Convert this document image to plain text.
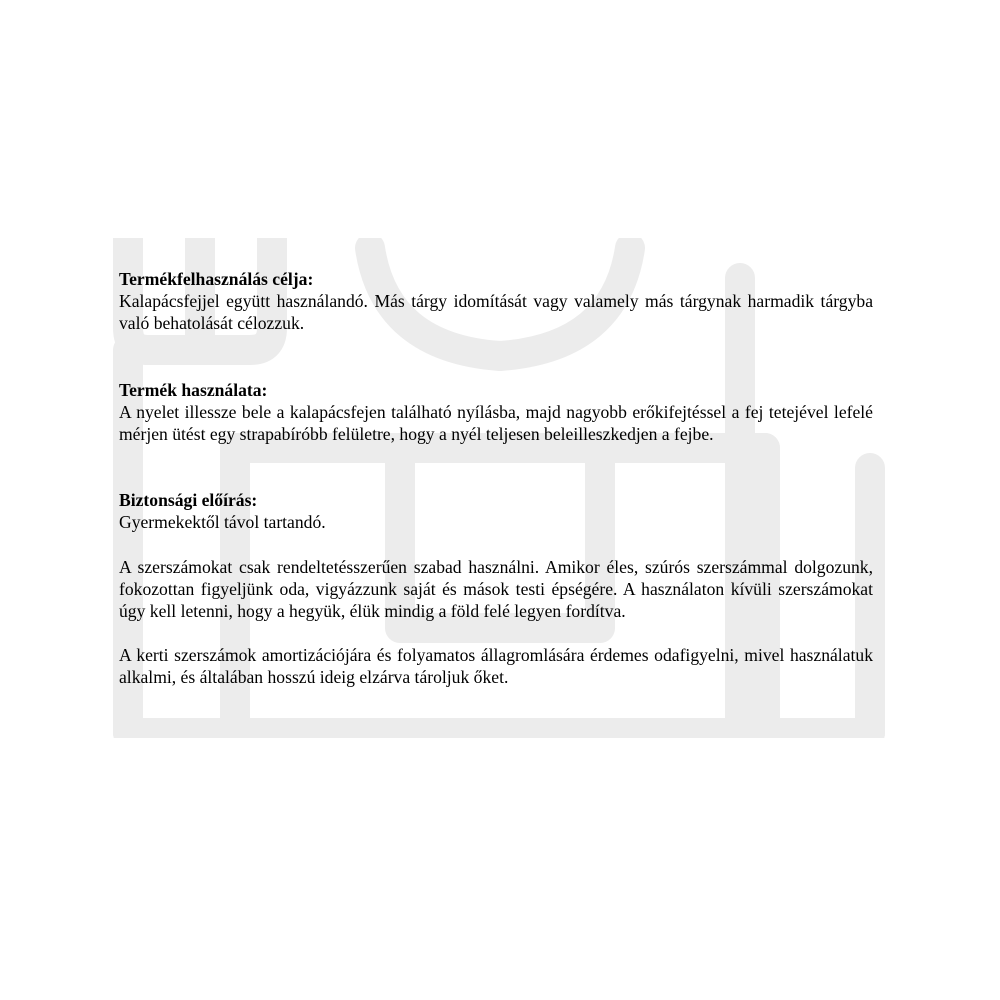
Termékfelhasználás célja:

Kalapácsfejjel együtt használandó. Más tárgy idomítását vagy valamely más tárgynak harmadik tárgyba való behatolását célozzuk.

Termék használata:

A nyelet illessze bele a kalapácsfejen található nyílásba, majd nagyobb erőkifejtéssel a fej tetejével lefelé mérjen ütést egy strapabíróbb felületre, hogy a nyél teljesen beleilleszkedjen a fejbe.

Biztonsági előírás:

Gyermekektől távol tartandó.

A szerszámokat csak rendeltetésszerűen szabad használni. Amikor éles, szúrós szerszámmal dolgozunk, fokozottan figyeljünk oda, vigyázzunk saját és mások testi épségére. A használaton kívüli szerszámokat úgy kell letenni, hogy a hegyük, élük mindig a föld felé legyen fordítva.

A kerti szerszámok amortizációjára és folyamatos állagromlására érdemes odafigyelni, mivel használatuk alkalmi, és általában hosszú ideig elzárva tároljuk őket.
